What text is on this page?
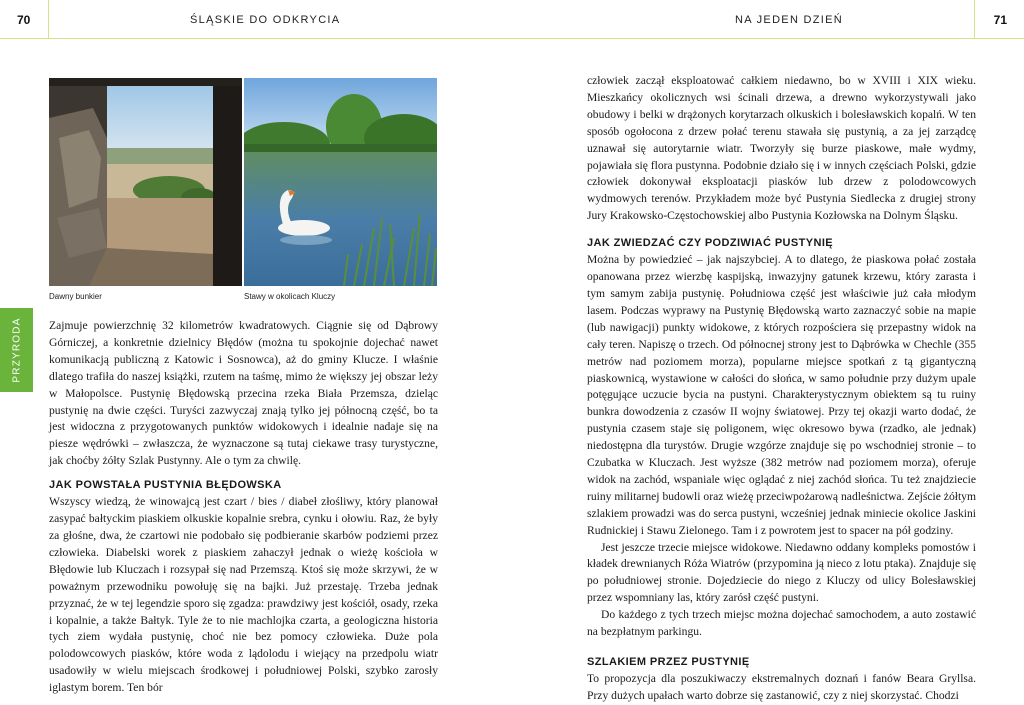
70	ŚLĄSKIE DO ODKRYCIA	NA JEDEN DZIEŃ	71
PRZYRODA
Dawny bunkier	Stawy w okolicach Kluczy

Zajmuje powierzchnię 32 kilometrów kwadratowych. Ciągnie się od Dąbrowy Górniczej, a konkretnie dzielnicy Błędów (można tu spokojnie dojechać nawet komunikacją publiczną z Katowic i Sosnowca), aż do gminy Klucze. I właśnie dlatego trafiła do naszej książki, rzutem na taśmę, mimo że większy jej obszar leży w Małopolsce. Pustynię Błędowską przecina rzeka Biała Przemsza, dzieląc pustynię na dwie części. Turyści zazwyczaj znają tylko jej północną część, bo ta jest widoczna z przygotowanych punktów widokowych i idealnie nadaje się na piesze wędrówki – zwłaszcza, że wyznaczone są tutaj ciekawe trasy turystyczne, jak choćby żółty Szlak Pustynny. Ale o tym za chwilę.

JAK POWSTAŁA PUSTYNIA BŁĘDOWSKA

Wszyscy wiedzą, że winowajcą jest czart / bies / diabeł złośliwy, który planował zasypać bałtyckim piaskiem olkuskie kopalnie srebra, cynku i ołowiu. Raz, że były za głośne, dwa, że czartowi nie podobało się podbieranie skarbów podziemi przez człowieka. Diabelski worek z piaskiem zahaczył jednak o wieżę kościoła w Błędowie lub Kluczach i rozsypał się nad Przemszą. Ktoś się może skrzywi, że w poważnym przewodniku powołuję się na bajki. Już przestaję. Trzeba jednak przyznać, że w tej legendzie sporo się zgadza: prawdziwy jest kościół, osady, rzeka i kopalnie, a także Bałtyk. Tyle że to nie machlojka czarta, a geologiczna historia tych ziem wydała pustynię, choć nie bez pomocy człowieka. Duże pola polodowcowych piasków, które woda z lądolodu i wiejący na przedpolu wiatr usadowiły w wielu miejscach środkowej i południowej Polski, szybko zarosły iglastym borem. Ten bór

człowiek zaczął eksploatować całkiem niedawno, bo w XVIII i XIX wieku. Mieszkańcy okolicznych wsi ścinali drzewa, a drewno wykorzystywali jako obudowy i belki w drążonych korytarzach olkuskich i bolesławskich kopalń. W ten sposób ogołocona z drzew połać terenu stawała się pustynią, a za jej zarządcę uznawał się autorytarnie wiatr. Tworzyły się burze piaskowe, małe wydmy, pojawiała się flora pustynna. Podobnie działo się i w innych częściach Polski, gdzie człowiek dokonywał eksploatacji piasków lub drzew z polodowcowych wydmowych terenów. Przykładem może być Pustynia Siedlecka z drugiej strony Jury Krakowsko-Częstochowskiej albo Pustynia Kozłowska na Dolnym Śląsku.

JAK ZWIEDZAĆ CZY PODZIWIAĆ PUSTYNIĘ

Można by powiedzieć – jak najszybciej. A to dlatego, że piaskowa połać została opanowana przez wierzbę kaspijską, inwazyjny gatunek krzewu, który zarasta i tym samym zabija pustynię. Południowa część jest właściwie już cała młodym lasem. Podczas wyprawy na Pustynię Błędowską warto zaznaczyć sobie na mapie (lub nawigacji) punkty widokowe, z których rozpościera się przepastny widok na cały teren. Napiszę o trzech. Od północnej strony jest to Dąbrówka w Chechle (355 metrów nad poziomem morza), popularne miejsce spotkań z tą gigantyczną piaskownicą, wystawione w całości do słońca, w samo południe przy dużym upale potęgujące uczucie bycia na pustyni. Charakterystycznym obiektem są tu ruiny bunkra dowodzenia z czasów II wojny światowej. Przy tej okazji warto dodać, że pustynia czasem staje się poligonem, więc okresowo bywa (rzadko, ale jednak) niedostępna dla turystów. Drugie wzgórze znajduje się po wschodniej stronie – to Czubatka w Kluczach. Jest wyższe (382 metrów nad poziomem morza), oferuje widok na zachód, wspaniale więc oglądać z niej zachód słońca. Tu też znajdziecie ruiny militarnej budowli oraz wieżę przeciwpożarową nadleśnictwa. Zejście żółtym szlakiem prowadzi was do serca pustyni, wcześniej jednak miniecie okolice Jaskini Rudnickiej i Stawu Zielonego. Tam i z powrotem jest to spacer na pół godziny.

Jest jeszcze trzecie miejsce widokowe. Niedawno oddany kompleks pomostów i kładek drewnianych Róża Wiatrów (przypomina ją nieco z lotu ptaka). Znajduje się po południowej stronie. Dojedziecie do niego z Kluczy od ulicy Bolesławskiej przez wspomniany las, który zarósł część pustyni.

Do każdego z tych trzech miejsc można dojechać samochodem, a auto zostawić na bezpłatnym parkingu.

SZLAKIEM PRZEZ PUSTYNIĘ

To propozycja dla poszukiwaczy ekstremalnych doznań i fanów Beara Gryllsa. Przy dużych upałach warto dobrze się zastanowić, czy z niej skorzystać. Chodzi
